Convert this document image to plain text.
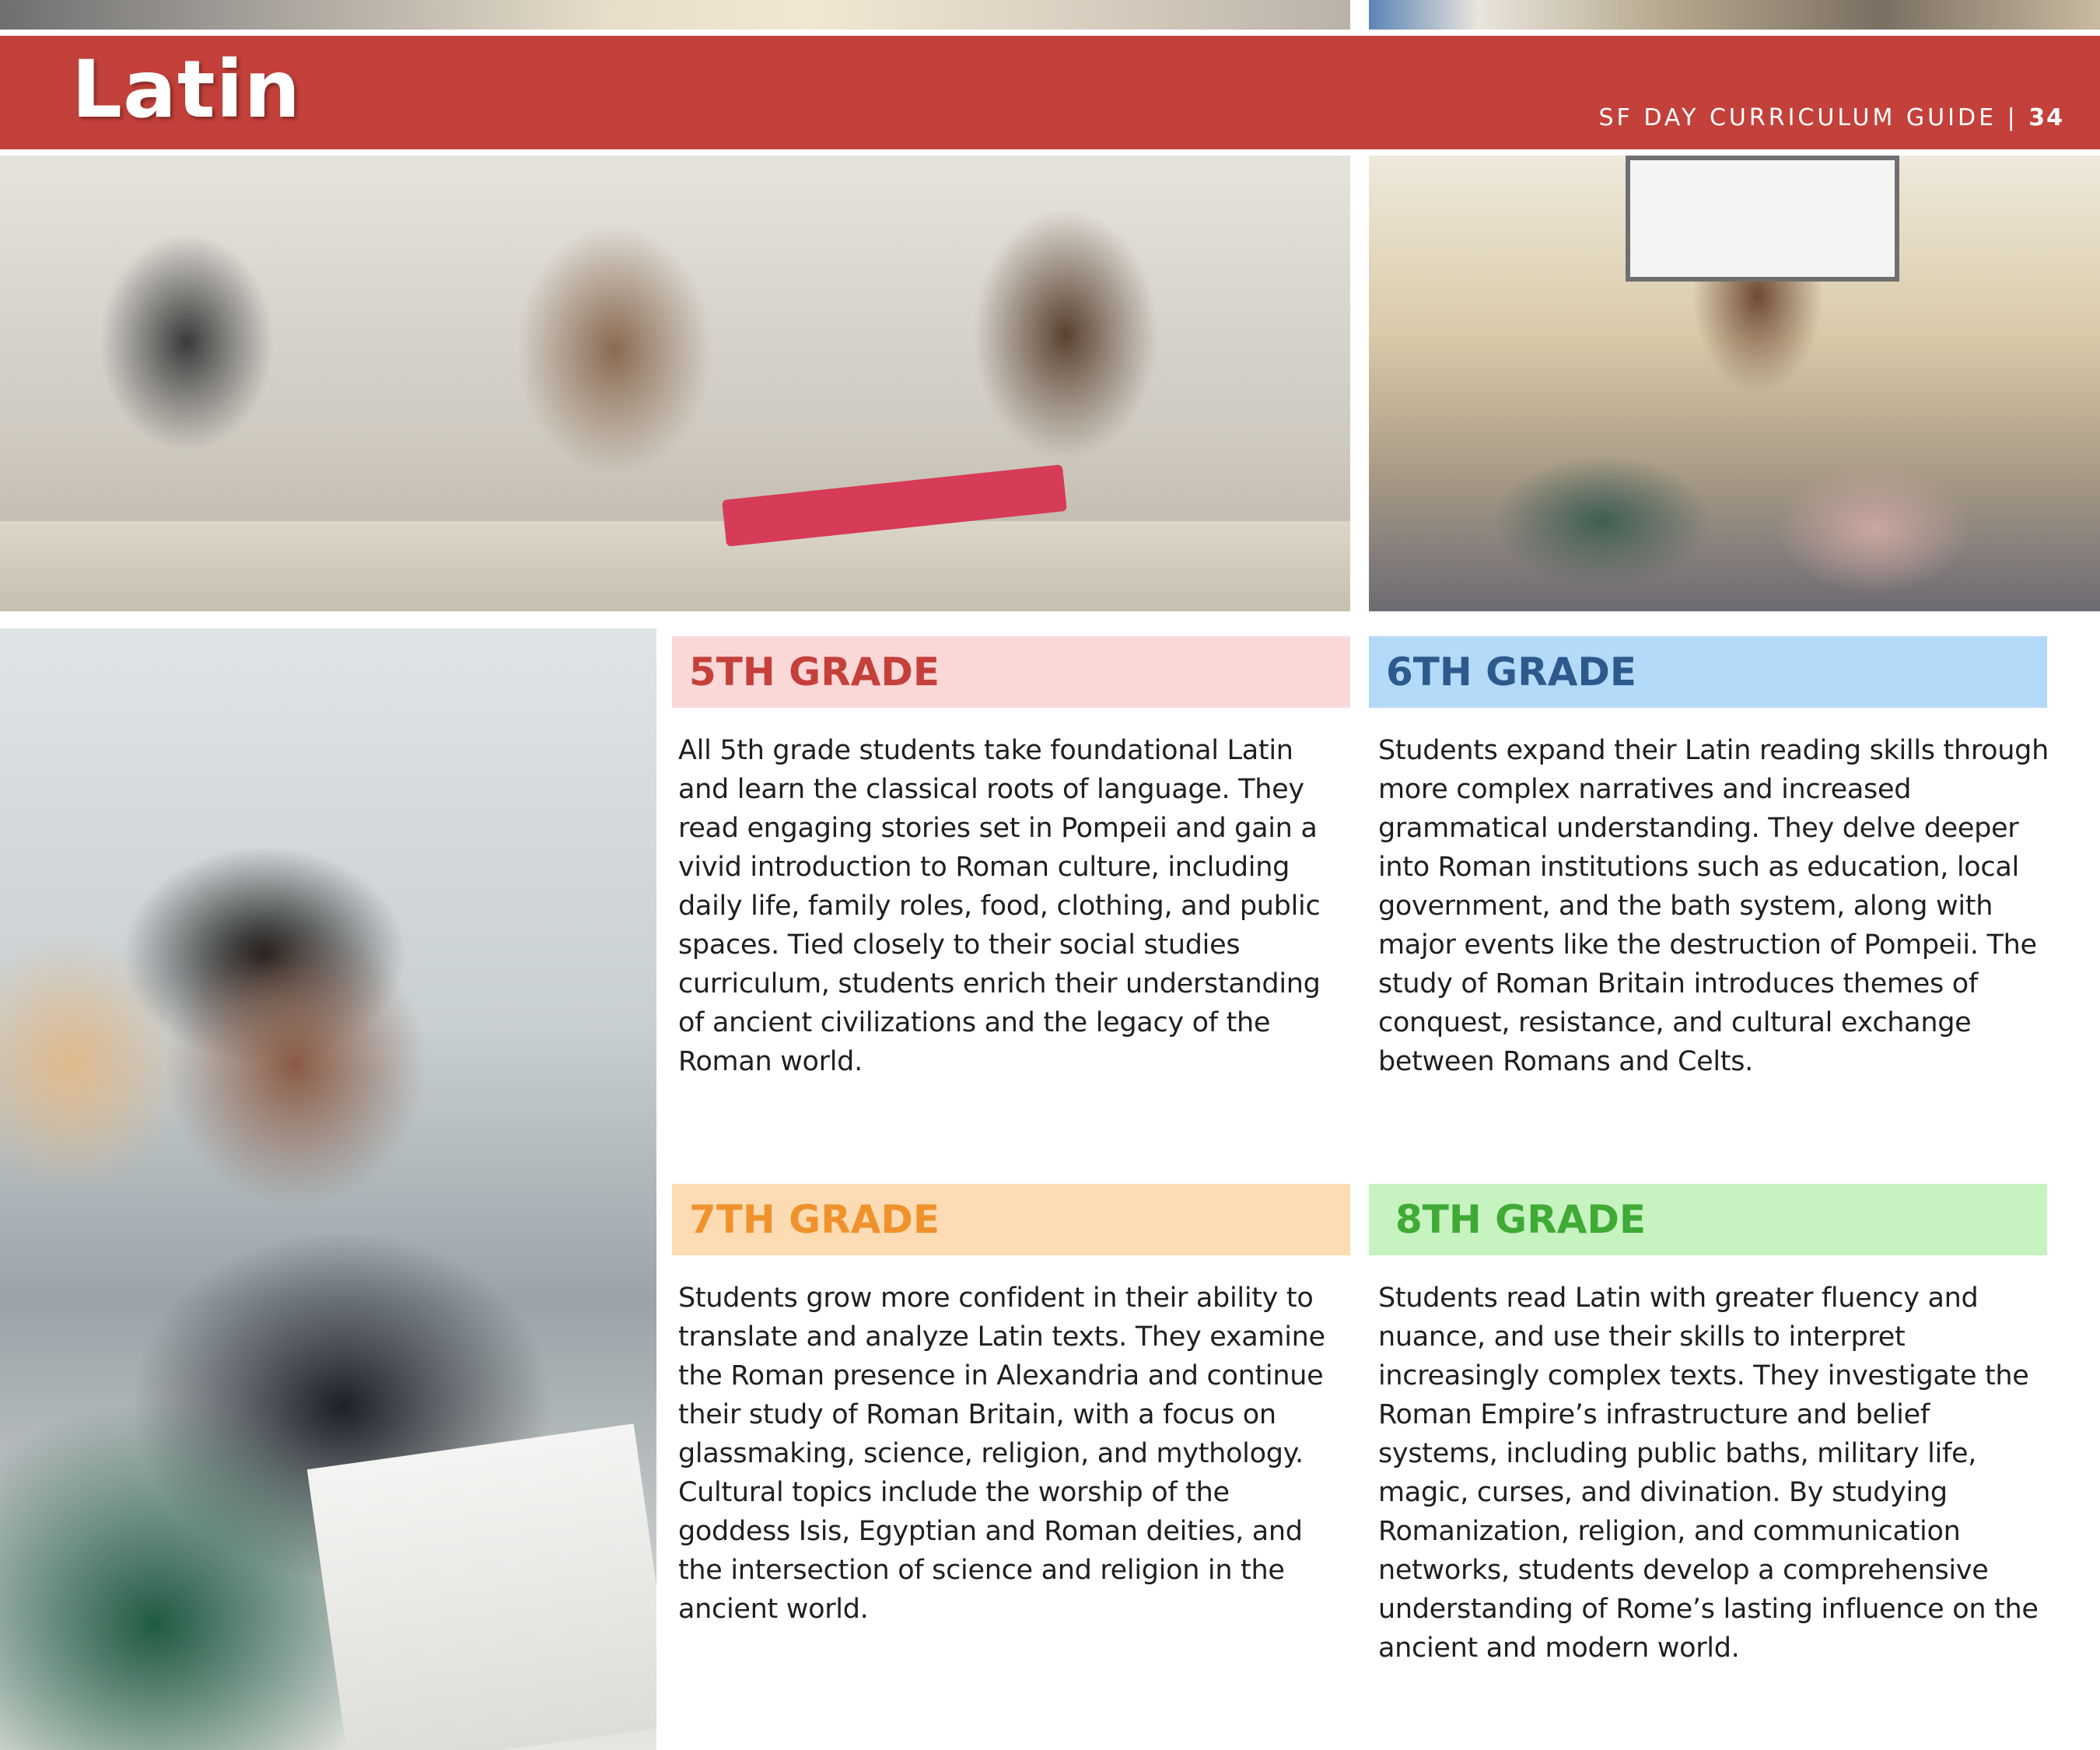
Latin	SF DAY CURRICULUM GUIDE | 34
5TH GRADE

All 5th grade students take foundational Latin and learn the classical roots of language. They read engaging stories set in Pompeii and gain a vivid introduction to Roman culture, including daily life, family roles, food, clothing, and public spaces. Tied closely to their social studies curriculum, students enrich their understanding of ancient civilizations and the legacy of the Roman world.

6TH GRADE

Students expand their Latin reading skills through more complex narratives and increased grammatical understanding. They delve deeper into Roman institutions such as education, local government, and the bath system, along with major events like the destruction of Pompeii. The study of Roman Britain introduces themes of conquest, resistance, and cultural exchange between Romans and Celts.

7TH GRADE

Students grow more confident in their ability to translate and analyze Latin texts. They examine the Roman presence in Alexandria and continue their study of Roman Britain, with a focus on glassmaking, science, religion, and mythology. Cultural topics include the worship of the goddess Isis, Egyptian and Roman deities, and the intersection of science and religion in the ancient world.

8TH GRADE

Students read Latin with greater fluency and nuance, and use their skills to interpret increasingly complex texts. They investigate the Roman Empire’s infrastructure and belief systems, including public baths, military life, magic, curses, and divination. By studying Romanization, religion, and communication networks, students develop a comprehensive understanding of Rome’s lasting influence on the ancient and modern world.
